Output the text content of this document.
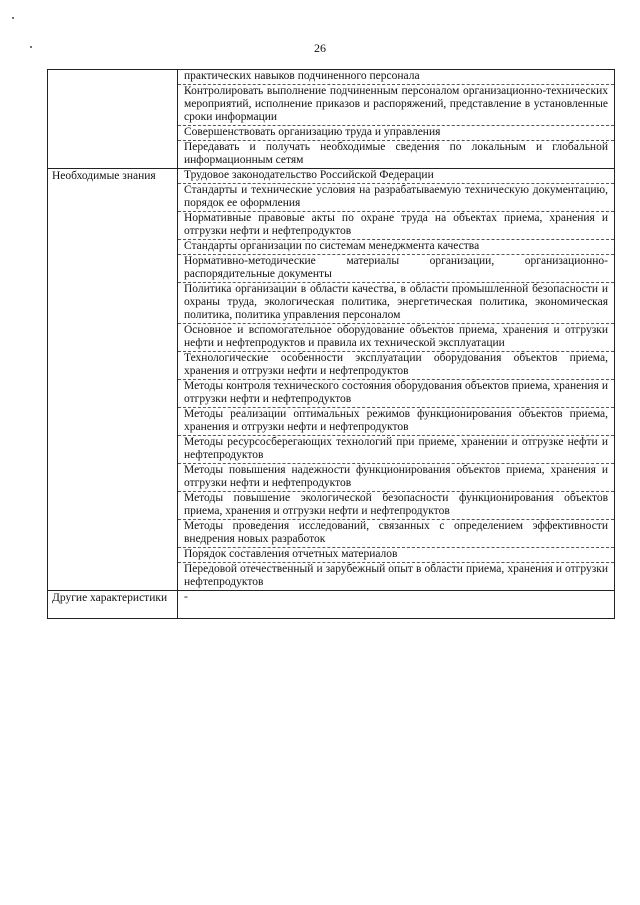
26
практических навыков подчиненного персонала
Контролировать выполнение подчиненным персоналом организационно-технических мероприятий, исполнение приказов и распоряжений, представление в установленные сроки информации
Совершенствовать организацию труда и управления
Передавать и получать необходимые сведения по локальным и глобальной информационным сетям
Необходимые знания	Трудовое законодательство Российской Федерации
Стандарты и технические условия на разрабатываемую техническую документацию, порядок ее оформления
Нормативные правовые акты по охране труда на объектах приема, хранения и отгрузки нефти и нефтепродуктов
Стандарты организации по системам менеджмента качества
Нормативно-методические материалы организации, организационно-распорядительные документы
Политика организации в области качества, в области промышленной безопасности и охраны труда, экологическая политика, энергетическая политика, экономическая политика, политика управления персоналом
Основное и вспомогательное оборудование объектов приема, хранения и отгрузки нефти и нефтепродуктов и правила их технической эксплуатации
Технологические особенности эксплуатации оборудования объектов приема, хранения и отгрузки нефти и нефтепродуктов
Методы контроля технического состояния оборудования объектов приема, хранения и отгрузки нефти и нефтепродуктов
Методы реализации оптимальных режимов функционирования объектов приема, хранения и отгрузки нефти и нефтепродуктов
Методы ресурсосберегающих технологий при приеме, хранении и отгрузке нефти и нефтепродуктов
Методы повышения надежности функционирования объектов приема, хранения и отгрузки нефти и нефтепродуктов
Методы повышение экологической безопасности функционирования объектов приема, хранения и отгрузки нефти и нефтепродуктов
Методы проведения исследований, связанных с определением эффективности внедрения новых разработок
Порядок составления отчетных материалов
Передовой отечественный и зарубежный опыт в области приема, хранения и отгрузки нефтепродуктов
Другие характеристики	-
